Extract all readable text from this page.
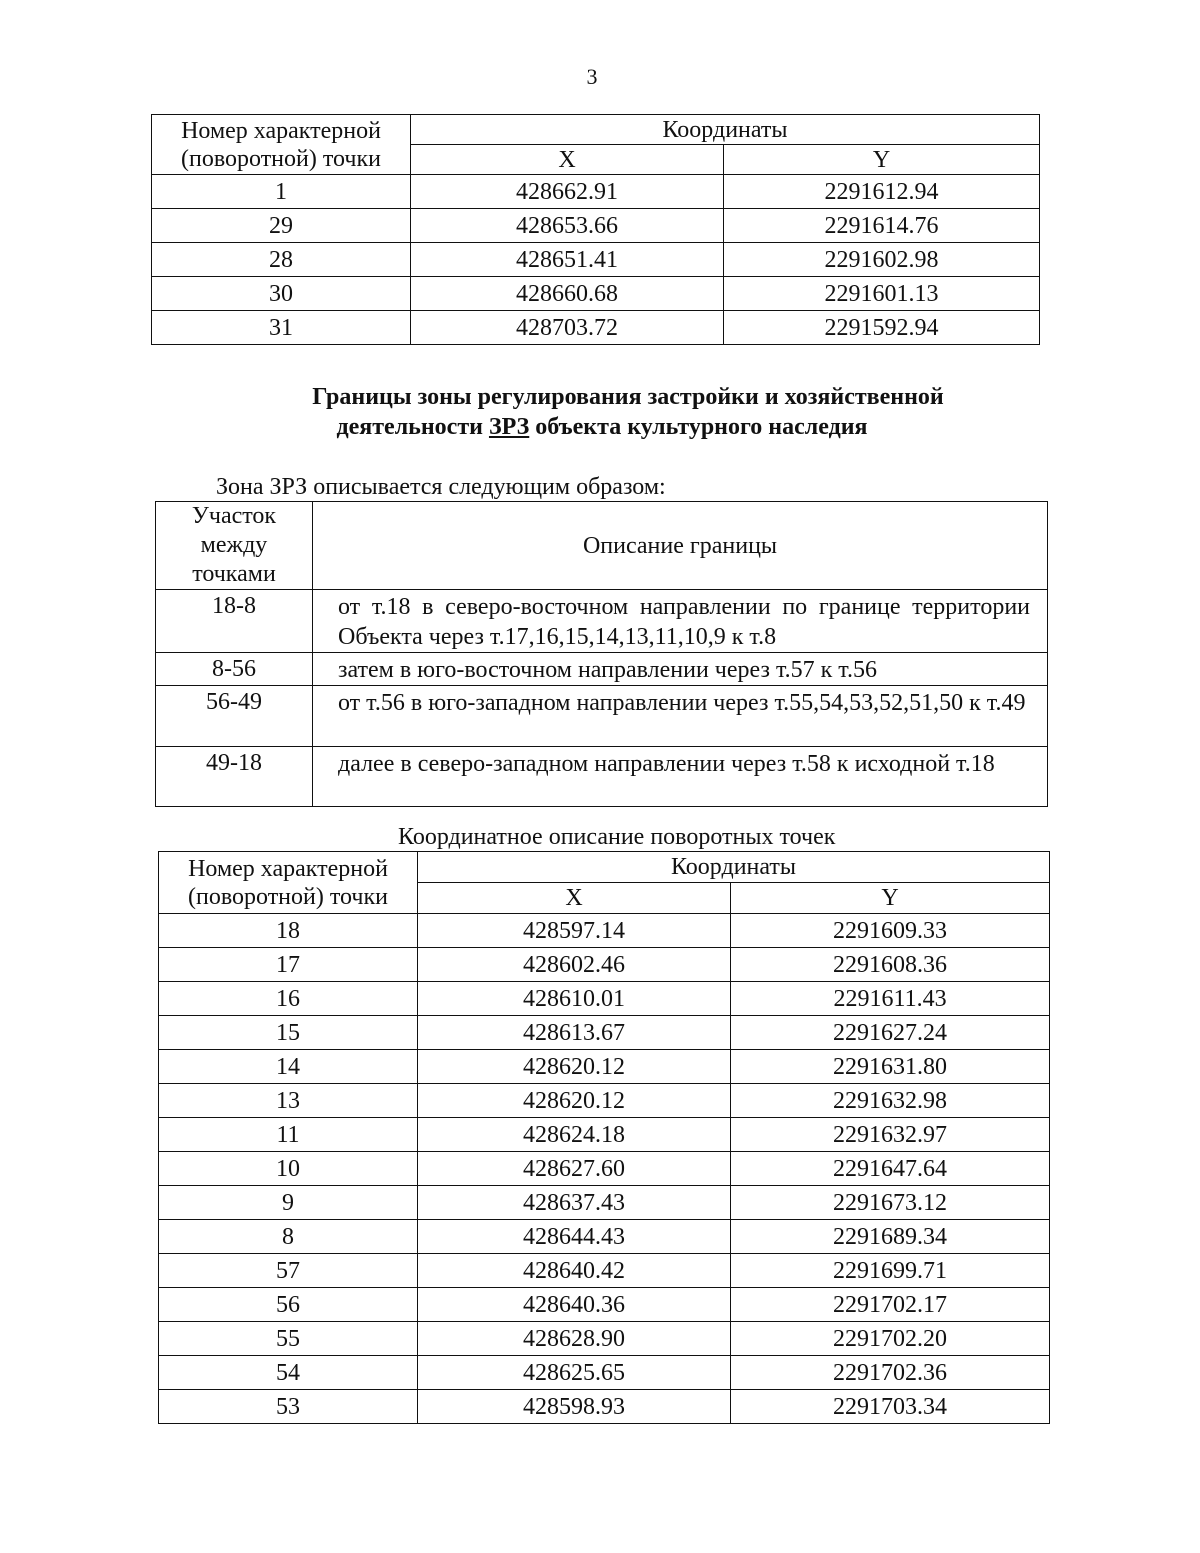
3
Номер характерной
(поворотной) точки	Координаты	
	X	Y
1	428662.91	2291612.94
29	428653.66	2291614.76
28	428651.41	2291602.98
30	428660.68	2291601.13
31	428703.72	2291592.94
Границы зоны регулирования застройки и хозяйственной
деятельности ЗРЗ объекта культурного наследия
Зона ЗРЗ описывается следующим образом:
Участок
между
точками	Описание границы
18-8	от т.18 в северо-восточном направлении по границе территории Объекта через т.17,16,15,14,13,11,10,9 к т.8
8-56	затем в юго-восточном направлении через т.57 к т.56
56-49	от т.56 в юго-западном направлении через т.55,54,53,52,51,50 к т.49
49-18	далее в северо-западном направлении через т.58 к исходной т.18
Координатное описание поворотных точек
Номер характерной
(поворотной) точки	Координаты	
	X	Y
18	428597.14	2291609.33
17	428602.46	2291608.36
16	428610.01	2291611.43
15	428613.67	2291627.24
14	428620.12	2291631.80
13	428620.12	2291632.98
11	428624.18	2291632.97
10	428627.60	2291647.64
9	428637.43	2291673.12
8	428644.43	2291689.34
57	428640.42	2291699.71
56	428640.36	2291702.17
55	428628.90	2291702.20
54	428625.65	2291702.36
53	428598.93	2291703.34
